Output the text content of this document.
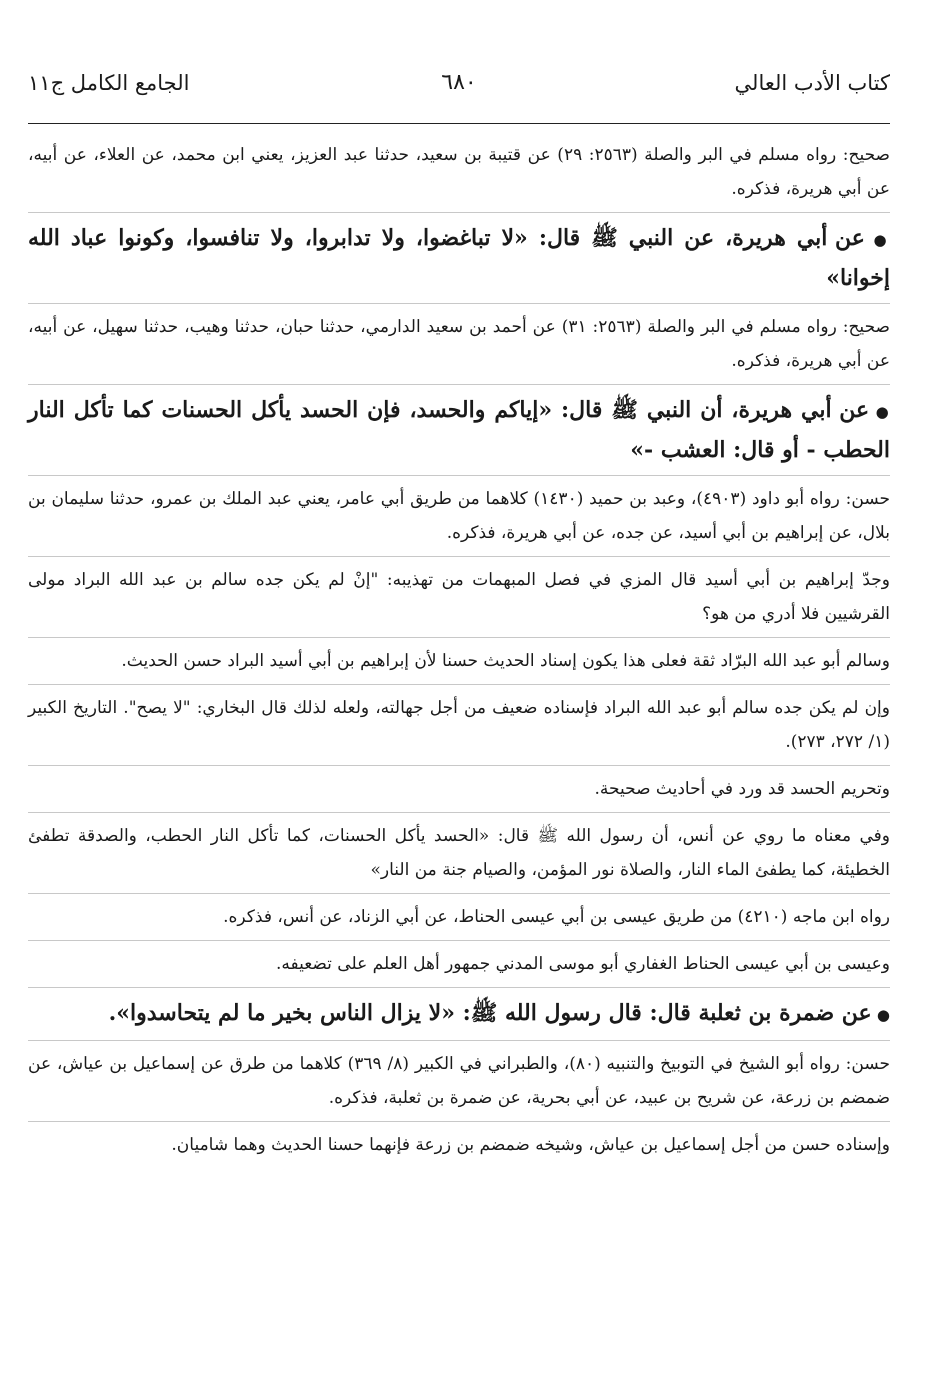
كتاب الأدب العالي
٦٨٠
الجامع الكامل ج١١

صحيح: رواه مسلم في البر والصلة (٢٥٦٣: ٢٩) عن قتيبة بن سعيد، حدثنا عبد العزيز، يعني ابن محمد، عن العلاء، عن أبيه، عن أبي هريرة، فذكره.

● عن أبي هريرة، عن النبي ﷺ قال: «لا تباغضوا، ولا تدابروا، ولا تنافسوا، وكونوا عباد الله إخوانا»

صحيح: رواه مسلم في البر والصلة (٢٥٦٣: ٣١) عن أحمد بن سعيد الدارمي، حدثنا حبان، حدثنا وهيب، حدثنا سهيل، عن أبيه، عن أبي هريرة، فذكره.

● عن أبي هريرة، أن النبي ﷺ قال: «إياكم والحسد، فإن الحسد يأكل الحسنات كما تأكل النار الحطب - أو قال: العشب -»

حسن: رواه أبو داود (٤٩٠٣)، وعبد بن حميد (١٤٣٠) كلاهما من طريق أبي عامر، يعني عبد الملك بن عمرو، حدثنا سليمان بن بلال، عن إبراهيم بن أبي أسيد، عن جده، عن أبي هريرة، فذكره.

وجدّ إبراهيم بن أبي أسيد قال المزي في فصل المبهمات من تهذيبه: "إنْ لم يكن جده سالم بن عبد الله البراد مولى القرشيين فلا أدري من هو؟

وسالم أبو عبد الله البرّاد ثقة فعلى هذا يكون إسناد الحديث حسنا لأن إبراهيم بن أبي أسيد البراد حسن الحديث.

وإن لم يكن جده سالم أبو عبد الله البراد فإسناده ضعيف من أجل جهالته، ولعله لذلك قال البخاري: "لا يصح". التاريخ الكبير (١/ ٢٧٢، ٢٧٣).

وتحريم الحسد قد ورد في أحاديث صحيحة.

وفي معناه ما روي عن أنس، أن رسول الله ﷺ قال: «الحسد يأكل الحسنات، كما تأكل النار الحطب، والصدقة تطفئ الخطيئة، كما يطفئ الماء النار، والصلاة نور المؤمن، والصيام جنة من النار»

رواه ابن ماجه (٤٢١٠) من طريق عيسى بن أبي عيسى الحناط، عن أبي الزناد، عن أنس، فذكره.

وعيسى بن أبي عيسى الحناط الغفاري أبو موسى المدني جمهور أهل العلم على تضعيفه.

● عن ضمرة بن ثعلبة قال: قال رسول الله ﷺ: «لا يزال الناس بخير ما لم يتحاسدوا».

حسن: رواه أبو الشيخ في التوبيخ والتنبيه (٨٠)، والطبراني في الكبير (٨/ ٣٦٩) كلاهما من طرق عن إسماعيل بن عياش، عن ضمضم بن زرعة، عن شريح بن عبيد، عن أبي بحرية، عن ضمرة بن ثعلبة، فذكره.

وإسناده حسن من أجل إسماعيل بن عياش، وشيخه ضمضم بن زرعة فإنهما حسنا الحديث وهما شاميان.
